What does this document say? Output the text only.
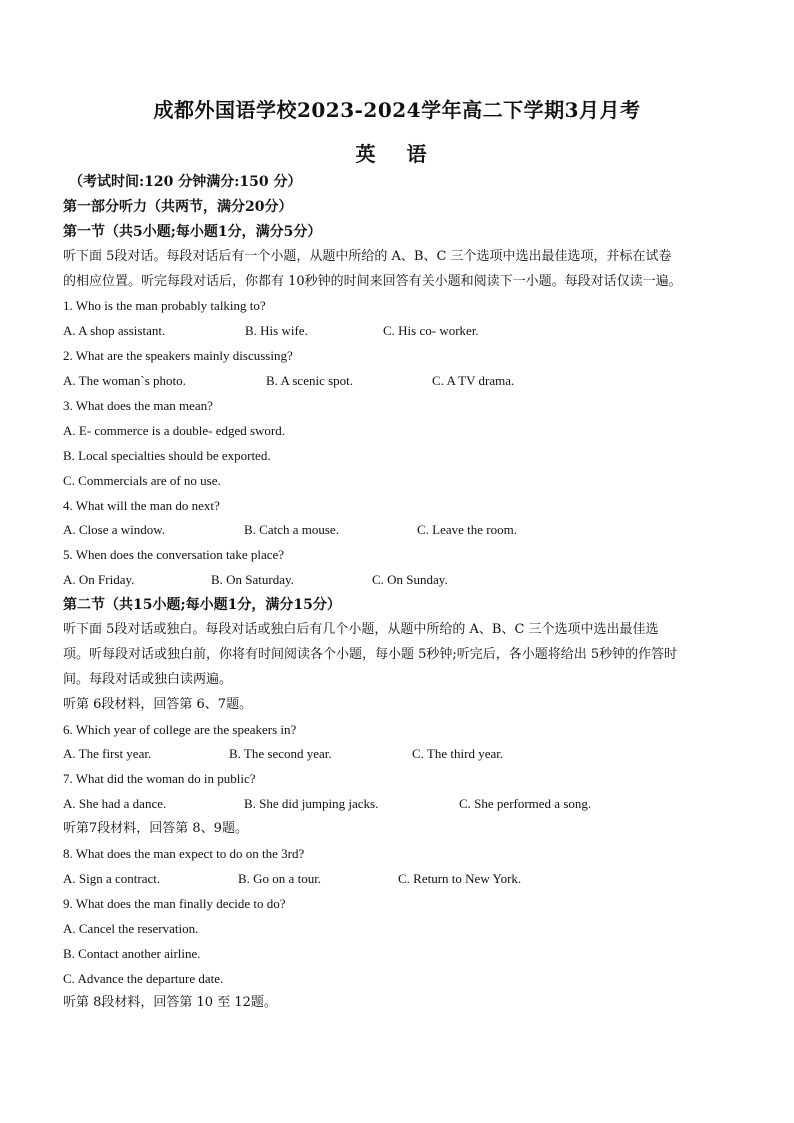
成都外国语学校2023-2024学年高二下学期3月月考
英 语
（考试时间:120 分钟满分:150 分）
第一部分听力（共两节，满分20分）
第一节（共5小题;每小题1分，满分5分）
听下面 5段对话。每段对话后有一个小题，从题中所给的 A、B、C 三个选项中选出最佳选项，并标在试卷
的相应位置。听完每段对话后，你都有 10秒钟的时间来回答有关小题和阅读下一小题。每段对话仅读一遍。
1. Who is the man probably talking to?
A. A shop assistant.	B. His wife.	C. His co- worker.
2. What are the speakers mainly discussing?
A. The woman`s photo.	B. A scenic spot.	C. A TV drama.
3. What does the man mean?
A. E- commerce is a double- edged sword.
B. Local specialties should be exported.
C. Commercials are of no use.
4. What will the man do next?
A. Close a window.	B. Catch a mouse.	C. Leave the room.
5. When does the conversation take place?
A. On Friday.	B. On Saturday.	C. On Sunday.
第二节（共15小题;每小题1分，满分15分）
听下面 5段对话或独白。每段对话或独白后有几个小题，从题中所给的 A、B、C 三个选项中选出最佳选
项。听每段对话或独白前，你将有时间阅读各个小题，每小题 5秒钟;听完后，各小题将给出 5秒钟的作答时
间。每段对话或独白读两遍。
听第 6段材料，回答第 6、7题。
6. Which year of college are the speakers in?
A. The first year.	B. The second year.	C. The third year.
7. What did the woman do in public?
A. She had a dance.	B. She did jumping jacks.	C. She performed a song.
听第7段材料，回答第 8、9题。
8. What does the man expect to do on the 3rd?
A. Sign a contract.	B. Go on a tour.	C. Return to New York.
9. What does the man finally decide to do?
A. Cancel the reservation.
B. Contact another airline.
C. Advance the departure date.
听第 8段材料，回答第 10 至 12题。
